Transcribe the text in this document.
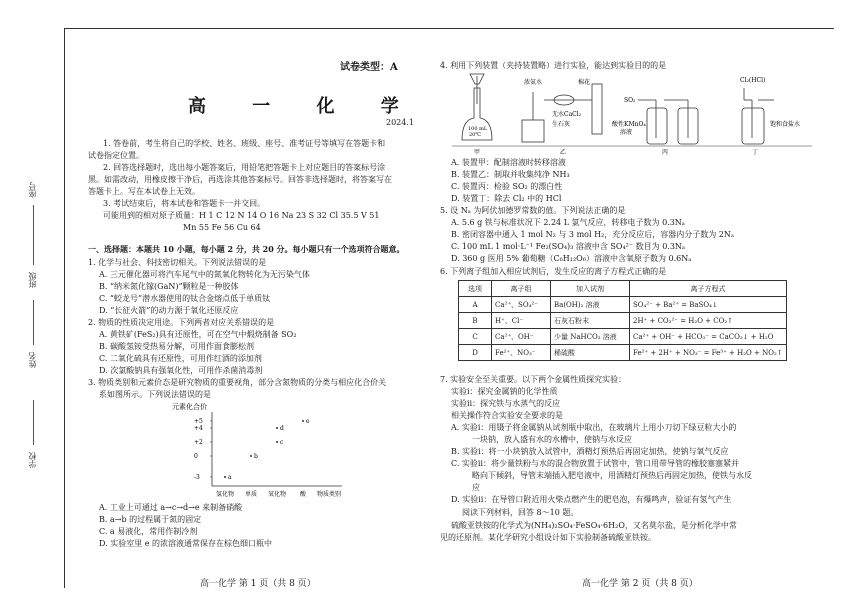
学校
姓名
班级
座号
试卷类型：A
高 一 化 学
2024.1
1. 答卷前，考生将自己的学校、姓名、班级、座号、准考证号等填写在答题卡和
试卷指定位置。
2. 回答选择题时，选出每小题答案后，用铅笔把答题卡上对应题目的答案标号涂
黑。如需改动，用橡皮擦干净后，再选涂其他答案标号。回答非选择题时，将答案写在
答题卡上。写在本试卷上无效。
3. 考试结束后，将本试卷和答题卡一并交回。
可能用到的相对原子质量：H 1 C 12 N 14 O 16 Na 23 S 32 Cl 35.5 V 51
Mn 55 Fe 56 Cu 64
一、选择题：本题共 10 小题，每小题 2 分，共 20 分。每小题只有一个选项符合题意。
1. 化学与社会、科技密切相关。下列说法错误的是
A. 三元催化器可将汽车尾气中的氮氧化物转化为无污染气体
B. “纳米氮化镓(GaN)”颗粒是一种胶体
C. “蛟龙号”潜水器使用的钛合金熔点低于单质钛
D. “长征火箭”的动力源于氧化还原反应
2. 物质的性质决定用途。下列两者对应关系错误的是
A. 黄铁矿(FeS₂)具有还原性，可在空气中煅烧制备 SO₂
B. 碳酸氢铵受热易分解，可用作面食膨松剂
C. 二氧化硫具有还原性，可用作红酒的添加剂
D. 次氯酸钠具有强氧化性，可用作杀菌消毒剂
3. 物质类别和元素价态是研究物质的重要视角，部分含氮物质的分类与相应化合价关
系如图所示。下列说法错误的是
元素化合价
+5
+4
+2
0
-3
氢化物 单质 氧化物 酸 物质类别
a
b
c
d
e
A. 工业上可通过 a→c→d→e 来制备硝酸
B. a→b 的过程属于氮的固定
C. a 易液化，常用作制冷剂
D. 实验室里 e 的浓溶液通常保存在棕色细口瓶中
高一化学 第 1 页（共 8 页）
4. 利用下列装置（夹持装置略）进行实验，能达到实验目的的是
100 mL
20℃
浓氨水	棉花
无水CaCl₂
生石灰
SO₂
酸性KMnO₄
溶液
Cl₂(HCl)
饱和食盐水
甲	乙	丙	丁
A. 装置甲：配制溶液时转移溶液
B. 装置乙：制取并收集纯净 NH₃
C. 装置丙：检验 SO₂ 的漂白性
D. 装置丁：除去 Cl₂ 中的 HCl
5. 设 Nₐ 为阿伏加德罗常数的值。下列说法正确的是
A. 5.6 g 铁与标准状况下 2.24 L 氯气反应，转移电子数为 0.3Nₐ
B. 密闭容器中通入 1 mol N₂ 与 3 mol H₂，充分反应后，容器内分子数为 2Nₐ
C. 100 mL 1 mol·L⁻¹ Fe₂(SO₄)₃ 溶液中含 SO₄²⁻ 数目为 0.3Nₐ
D. 360 g 医用 5% 葡萄糖（C₆H₁₂O₆）溶液中含氧原子数为 0.6Nₐ
6. 下列离子组加入相应试剂后，发生反应的离子方程式正确的是
选项	离子组	加入试剂	离子方程式
A	Ca²⁺、SO₄²⁻	Ba(OH)₂ 溶液	SO₄²⁻ + Ba²⁺ = BaSO₄↓
B	H⁺、Cl⁻	石灰石粉末	2H⁺ + CO₃²⁻ = H₂O + CO₂↑
C	Ca²⁺、OH⁻	少量 NaHCO₃ 溶液	Ca²⁺ + OH⁻ + HCO₃⁻ = CaCO₃↓ + H₂O
D	Fe²⁺、NO₃⁻	稀硫酸	Fe²⁺ + 2H⁺ + NO₃⁻ = Fe³⁺ + H₂O + NO₂↑
7. 实验安全至关重要。以下两个金属性质探究实验：
实验ⅰ：探究金属钠的化学性质
实验ⅱ：探究铁与水蒸气的反应
相关操作符合实验安全要求的是
A. 实验ⅰ：用镊子将金属钠从试剂瓶中取出，在玻璃片上用小刀切下绿豆粒大小的
一块钠，放入盛有水的水槽中，使钠与水反应
B. 实验ⅰ：将一小块钠放入试管中，酒精灯预热后再固定加热，使钠与氧气反应
C. 实验ⅱ：将少量铁粉与水的混合物放置于试管中，管口用带导管的橡胶塞塞紧并
略向下倾斜，导管末端插入肥皂液中，用酒精灯预热后再固定加热，使铁与水反
应
D. 实验ⅱ：在导管口附近用火柴点燃产生的肥皂泡，有爆鸣声，验证有氢气产生
阅读下列材料，回答 8～10 题。
硫酸亚铁铵的化学式为(NH₄)₂SO₄·FeSO₄·6H₂O，又名莫尔盐，是分析化学中常
见的还原剂。某化学研究小组设计如下实验制备硫酸亚铁铵。
高一化学 第 2 页（共 8 页）
